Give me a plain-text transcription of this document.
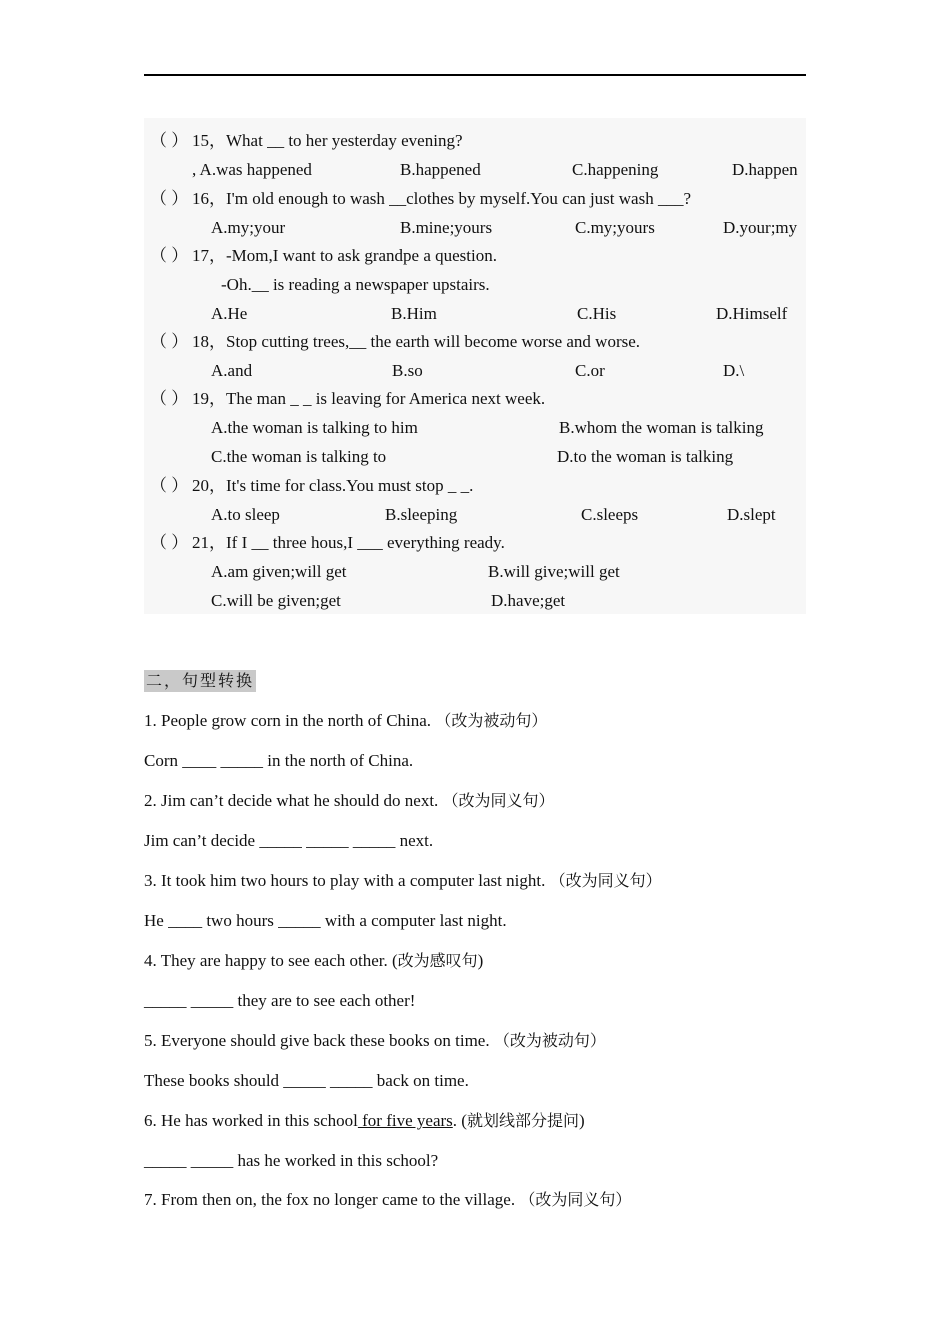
（ ） 15，What __ to her yesterday evening?
, A.was happened	B.happened	C.happening	D.happen
（ ） 16，I'm old enough to wash __clothes by myself.You can just wash ___?
A.my;your	B.mine;yours	C.my;yours	D.your;my
（ ） 17，-Mom,I want to ask grandpe a question.
-Oh.__ is reading a newspaper upstairs.
A.He	B.Him	C.His	D.Himself
（ ） 18，Stop cutting trees,__ the earth will become worse and worse.
A.and	B.so	C.or	D.\
（ ） 19，The man _ _ is leaving for America next week.
A.the woman is talking to him	B.whom the woman is talking
C.the woman is talking to	D.to the woman is talking
（ ） 20，It's time for class.You must stop _ _.
A.to sleep	B.sleeping	C.sleeps	D.slept
（ ） 21，If I __ three hous,I ___ everything ready.
A.am given;will get	B.will give;will get
C.will be given;get	D.have;get
二，句型转换
1. People grow corn in the north of China. （改为被动句）
Corn ____ _____ in the north of China.
2. Jim can’t decide what he should do next. （改为同义句）
Jim can’t decide _____ _____ _____ next.
3. It took him two hours to play with a computer last night. （改为同义句）
He ____ two hours _____ with a computer last night.
4. They are happy to see each other. (改为感叹句)
_____ _____ they are to see each other!
5. Everyone should give back these books on time. （改为被动句）
These books should _____ _____ back on time.
6. He has worked in this school for five years. (就划线部分提问)
_____ _____ has he worked in this school?
7. From then on, the fox no longer came to the village. （改为同义句）
